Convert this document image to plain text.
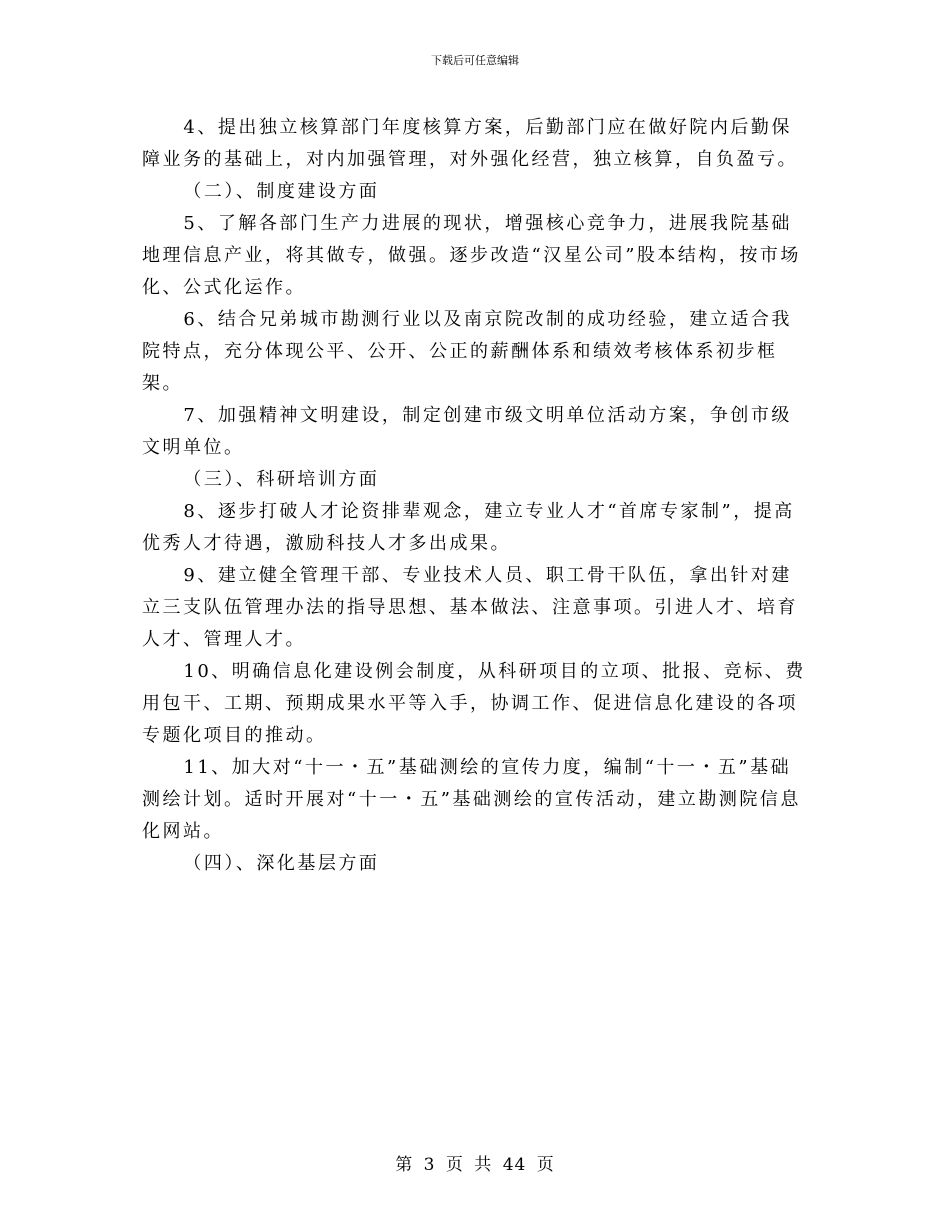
下载后可任意编辑

4、提出独立核算部门年度核算方案，后勤部门应在做好院内后勤保障业务的基础上，对内加强管理，对外强化经营，独立核算，自负盈亏。

（二）、制度建设方面

5、了解各部门生产力进展的现状，增强核心竞争力，进展我院基础地理信息产业，将其做专，做强。逐步改造“汉星公司”股本结构，按市场化、公式化运作。

6、结合兄弟城市勘测行业以及南京院改制的成功经验，建立适合我院特点，充分体现公平、公开、公正的薪酬体系和绩效考核体系初步框架。

7、加强精神文明建设，制定创建市级文明单位活动方案，争创市级文明单位。

（三）、科研培训方面

8、逐步打破人才论资排辈观念，建立专业人才“首席专家制”，提高优秀人才待遇，激励科技人才多出成果。

9、建立健全管理干部、专业技术人员、职工骨干队伍，拿出针对建立三支队伍管理办法的指导思想、基本做法、注意事项。引进人才、培育人才、管理人才。

10、明确信息化建设例会制度，从科研项目的立项、批报、竞标、费用包干、工期、预期成果水平等入手，协调工作、促进信息化建设的各项专题化项目的推动。

11、加大对“十一・五”基础测绘的宣传力度，编制“十一・五”基础测绘计划。适时开展对“十一・五”基础测绘的宣传活动，建立勘测院信息化网站。

（四）、深化基层方面

第 3 页 共 44 页
